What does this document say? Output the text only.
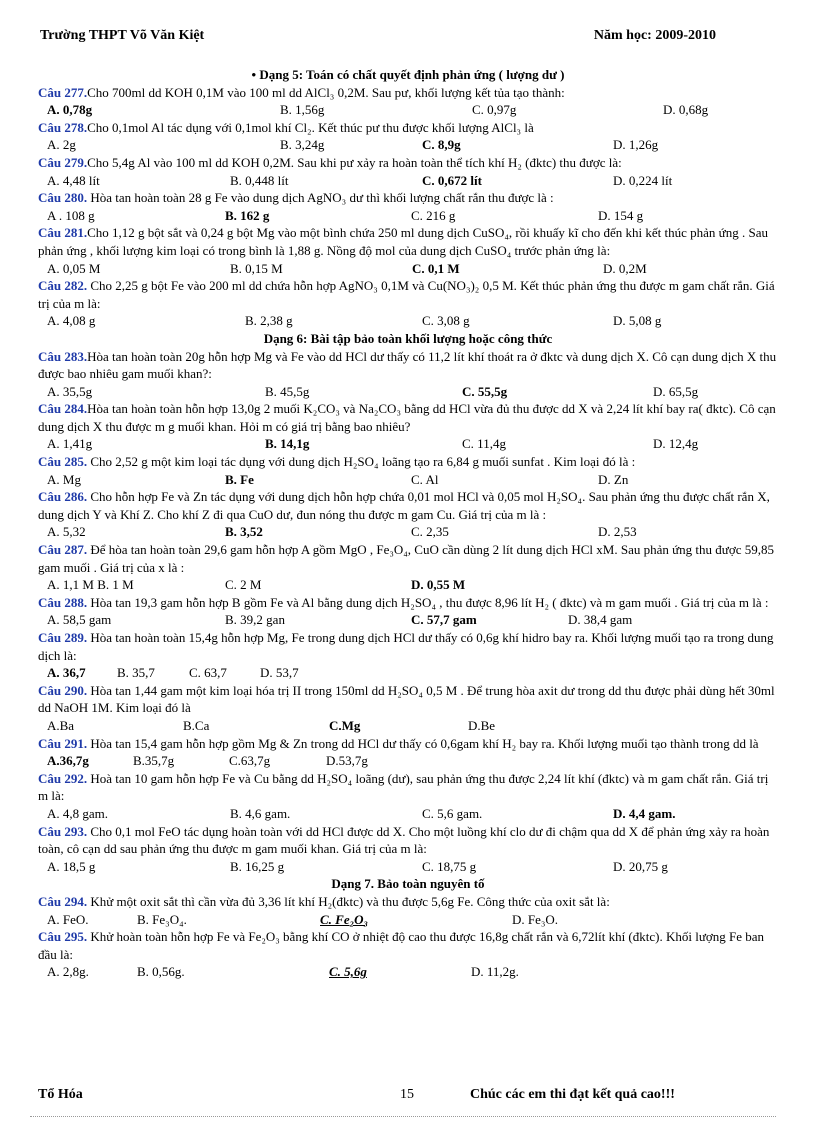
Trường THPT Võ Văn Kiệt	Năm học: 2009-2010
• Dạng 5: Toán có chất quyết định phản ứng ( lượng dư )
Câu 277.Cho 700ml dd KOH 0,1M vào 100 ml dd AlCl₃ 0,2M. Sau pư, khối lượng kết tủa tạo thành:
A. 0,78g	B. 1,56g	C. 0,97g	D. 0,68g
Câu 278.Cho 0,1mol Al tác dụng với 0,1mol khí Cl₂. Kết thúc pư thu được khối lượng AlCl₃ là
A. 2g	B. 3,24g	C. 8,9g	D. 1,26g
Câu 279.Cho 5,4g Al vào 100 ml dd KOH 0,2M. Sau khi pư xảy ra hoàn toàn thể tích khí H₂ (đktc) thu được là:
A. 4,48 lít	B. 0,448 lít	C. 0,672 lít	D. 0,224 lít
Câu 280. Hòa tan hoàn toàn 28 g Fe vào dung dịch AgNO₃ dư thì khối lượng chất rắn thu được là :
A . 108 g	B. 162 g	C. 216 g	D. 154 g
Câu 281.Cho 1,12 g bột sắt và 0,24 g bột Mg vào một bình chứa 250 ml dung dịch CuSO₄, rồi khuấy kĩ cho đến khi kết thúc phản ứng . Sau phản ứng , khối lượng kim loại có trong bình là 1,88 g. Nồng độ mol của dung dịch CuSO₄ trước phản ứng là:
A. 0,05 M	B. 0,15 M	C. 0,1 M	D. 0,2M
Câu 282. Cho 2,25 g bột Fe vào 200 ml dd chứa hỗn hợp AgNO₃ 0,1M và Cu(NO₃)₂ 0,5 M. Kết thúc phản ứng thu được m gam chất rắn. Giá trị của m là:
A. 4,08 g	B. 2,38 g	C. 3,08 g	D. 5,08 g
Dạng 6: Bài tập bảo toàn khối lượng hoặc công thức
Câu 283.Hòa tan hoàn toàn 20g hỗn hợp Mg và Fe vào dd HCl dư thấy có 11,2 lít khí thoát ra ở đktc và dung dịch X. Cô cạn dung dịch X thu được bao nhiêu gam muối khan?:
A. 35,5g	B. 45,5g	C. 55,5g	D. 65,5g
Câu 284.Hòa tan hoàn toàn hỗn hợp 13,0g 2 muối K₂CO₃ và Na₂CO₃ bằng dd HCl vừa đủ thu được dd X và 2,24 lít khí bay ra( đktc). Cô cạn dung dịch X thu được m g muối khan. Hỏi m có giá trị bằng bao nhiêu?
A. 1,41g	B. 14,1g	C. 11,4g	D. 12,4g
Câu 285. Cho 2,52 g một kim loại tác dụng với dung dịch H₂SO₄ loãng tạo ra 6,84 g muối sunfat . Kim loại đó là :
A. Mg	B. Fe	C. Al	D. Zn
Câu 286. Cho hỗn hợp Fe và Zn tác dụng với dung dịch hỗn hợp chứa 0,01 mol HCl và 0,05 mol H₂SO₄. Sau phản ứng thu được chất rắn X, dung dịch Y và Khí Z. Cho khí Z đi qua CuO dư, đun nóng thu được m gam Cu. Giá trị của m là :
A. 5,32	B. 3,52	C. 2,35	D. 2,53
Câu 287. Để hòa tan hoàn toàn 29,6 gam hỗn hợp A gồm MgO , Fe₃O₄, CuO cần dùng 2 lít dung dịch HCl xM. Sau phản ứng thu được 59,85 gam muối . Giá trị của x là :
A. 1,1 M B. 1 M	C. 2 M	D. 0,55 M
Câu 288. Hòa tan 19,3 gam hỗn hợp B gồm Fe và Al bằng dung dịch H₂SO₄ , thu được 8,96 lít H₂ ( đktc) và m gam muối . Giá trị của m là :
A. 58,5 gam	B. 39,2 gan	C. 57,7 gam	D. 38,4 gam
Câu 289. Hòa tan hoàn toàn 15,4g hỗn hợp Mg, Fe trong dung dịch HCl dư thấy có 0,6g khí hidro bay ra. Khối lượng muối tạo ra trong dung dịch là:
A. 36,7	B. 35,7	C. 63,7	D. 53,7
Câu 290. Hòa tan 1,44 gam một kim loại hóa trị II trong 150ml dd H₂SO₄ 0,5 M . Để trung hòa axit dư trong dd thu được phải dùng hết 30ml dd NaOH 1M. Kim loại đó là
A.Ba	B.Ca	C.Mg	D.Be
Câu 291. Hòa tan 15,4 gam hỗn hợp gồm Mg & Zn trong dd HCl dư thấy có 0,6gam khí H₂ bay ra. Khối lượng muối tạo thành trong dd là
A.36,7g	B.35,7g	C.63,7g	D.53,7g
Câu 292. Hoà tan 10 gam hỗn hợp Fe và Cu bằng dd H₂SO₄ loãng (dư), sau phản ứng thu được 2,24 lít khí (đktc) và m gam chất rắn. Giá trị m là:
A. 4,8 gam.	B. 4,6 gam.	C. 5,6 gam.	D. 4,4 gam.
Câu 293. Cho 0,1 mol FeO tác dụng hoàn toàn với dd HCl được dd X. Cho một luồng khí clo dư đi chậm qua dd X để phản ứng xảy ra hoàn toàn, cô cạn dd sau phản ứng thu được m gam muối khan. Giá trị của m là:
A. 18,5 g	B. 16,25 g	C. 18,75 g	D. 20,75 g
Dạng 7. Bảo toàn nguyên tố
Câu 294. Khử một oxit sắt thì cần vừa đủ 3,36 lít khí H₂(đktc) và thu được 5,6g Fe. Công thức của oxit sắt là:
A. FeO.	B. Fe₃O₄.	C. Fe₂O₃	D. Fe₃O.
Câu 295. Khử hoàn toàn hỗn hợp Fe và Fe₂O₃ bằng khí CO ở nhiệt độ cao thu được 16,8g chất rắn và 6,72lít khí (đktc). Khối lượng Fe ban đầu là:
A. 2,8g.	B. 0,56g.	C. 5,6g	D. 11,2g.
Tổ Hóa	15	Chúc các em thi đạt kết quả cao!!!
